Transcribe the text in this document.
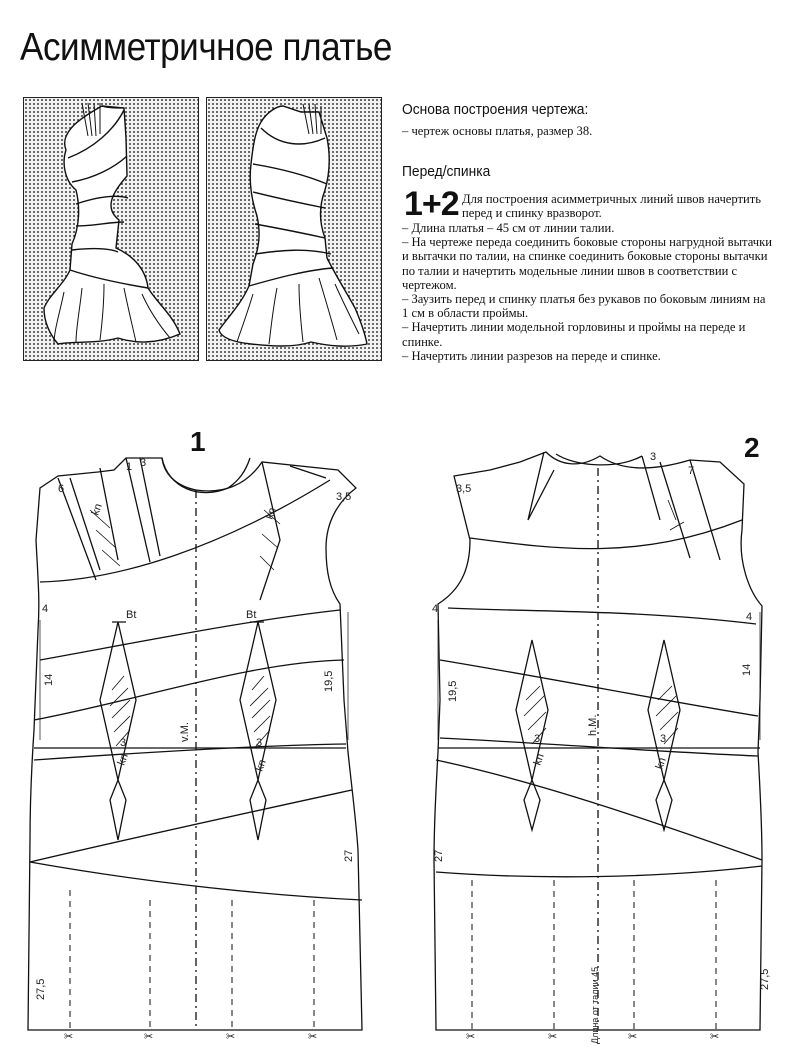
Асимметричное платье
Основа построения чертежа:
– чертеж основы платья, размер 38.
Перед/спинка
1+2 Для построения асимметричных линий швов начертить перед и спинку вразворот.
– Длина платья – 45 см от линии талии.
– На чертеже переда соединить боковые стороны нагрудной вытачки и вытачки по талии, на спинке соединить боковые стороны вытачки по талии и начертить модельные линии швов в соответствии с чертежом.
– Заузить перед и спинку платья без рукавов по боковым линиям на 1 см в области проймы.
– Начертить линии модельной горловины и проймы на переде и спинке.
– Начертить линии разрезов на переде и спинке.
1	2
✂	✂	✂	✂	✂	✂	✂	✂
6
kn
1 3
kn
3,5
4	Bt	Bt
14	19,5
v.M.
3	3
kn	kn
27
27,5
3,5
3
7
4
4
19,5
14
h.M.
3	3
kn	kn
27
Длина от талии 45	27,5
